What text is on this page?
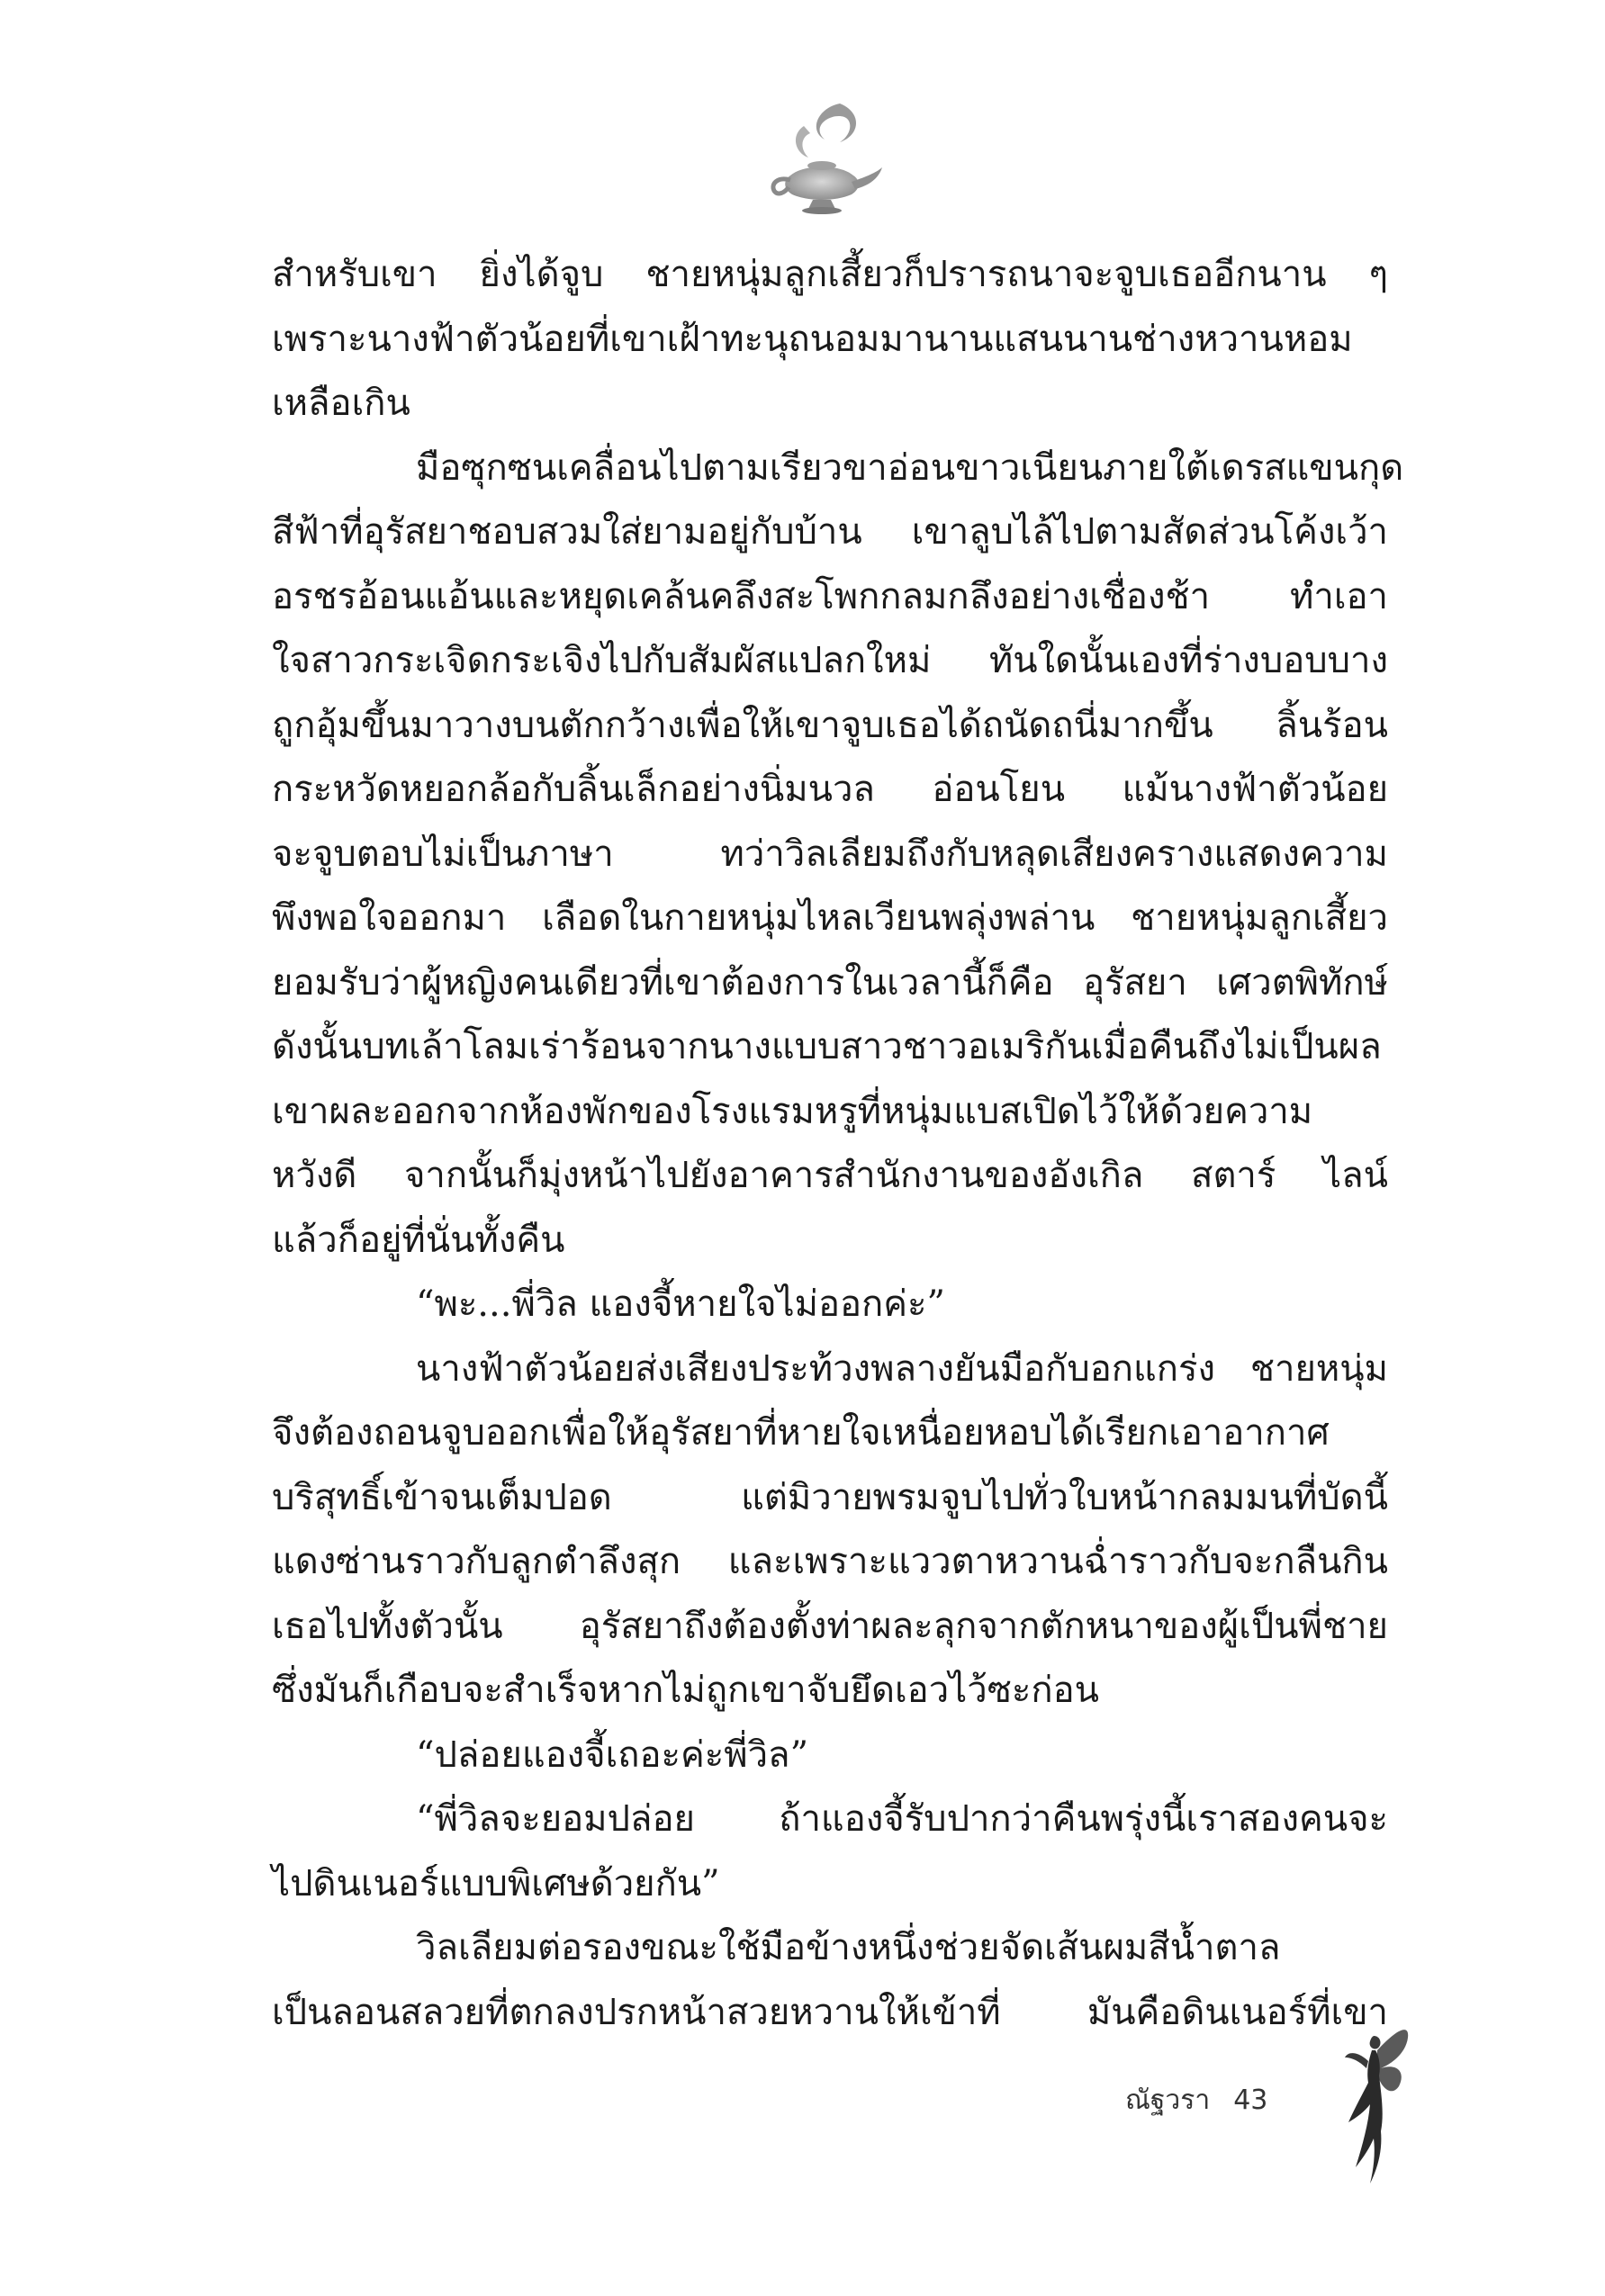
สำหรับเขา ยิ่งได้จูบ ชายหนุ่มลูกเสี้ยวก็ปรารถนาจะจูบเธออีกนาน ๆ
เพราะนางฟ้าตัวน้อยที่เขาเฝ้าทะนุถนอมมานานแสนนานช่างหวานหอม
เหลือเกิน
มือซุกซนเคลื่อนไปตามเรียวขาอ่อนขาวเนียนภายใต้เดรสแขนกุด
สีฟ้าที่อุรัสยาชอบสวมใส่ยามอยู่กับบ้าน เขาลูบไล้ไปตามสัดส่วนโค้งเว้า
อรชรอ้อนแอ้นและหยุดเคล้นคลึงสะโพกกลมกลึงอย่างเชื่องช้า ทำเอา
ใจสาวกระเจิดกระเจิงไปกับสัมผัสแปลกใหม่ ทันใดนั้นเองที่ร่างบอบบาง
ถูกอุ้มขึ้นมาวางบนตักกว้างเพื่อให้เขาจูบเธอได้ถนัดถนี่มากขึ้น ลิ้นร้อน
กระหวัดหยอกล้อกับลิ้นเล็กอย่างนิ่มนวล อ่อนโยน แม้นางฟ้าตัวน้อย
จะจูบตอบไม่เป็นภาษา ทว่าวิลเลียมถึงกับหลุดเสียงครางแสดงความ
พึงพอใจออกมา เลือดในกายหนุ่มไหลเวียนพลุ่งพล่าน ชายหนุ่มลูกเสี้ยว
ยอมรับว่าผู้หญิงคนเดียวที่เขาต้องการในเวลานี้ก็คือ อุรัสยา เศวตพิทักษ์
ดังนั้นบทเล้าโลมเร่าร้อนจากนางแบบสาวชาวอเมริกันเมื่อคืนถึงไม่เป็นผล
เขาผละออกจากห้องพักของโรงแรมหรูที่หนุ่มแบสเปิดไว้ให้ด้วยความ
หวังดี จากนั้นก็มุ่งหน้าไปยังอาคารสำนักงานของอังเกิล สตาร์ ไลน์
แล้วก็อยู่ที่นั่นทั้งคืน
“พะ...พี่วิล แองจี้หายใจไม่ออกค่ะ”
นางฟ้าตัวน้อยส่งเสียงประท้วงพลางยันมือกับอกแกร่ง ชายหนุ่ม
จึงต้องถอนจูบออกเพื่อให้อุรัสยาที่หายใจเหนื่อยหอบได้เรียกเอาอากาศ
บริสุทธิ์เข้าจนเต็มปอด แต่มิวายพรมจูบไปทั่วใบหน้ากลมมนที่บัดนี้
แดงซ่านราวกับลูกตำลึงสุก และเพราะแววตาหวานฉ่ำราวกับจะกลืนกิน
เธอไปทั้งตัวนั้น อุรัสยาถึงต้องตั้งท่าผละลุกจากตักหนาของผู้เป็นพี่ชาย
ซึ่งมันก็เกือบจะสำเร็จหากไม่ถูกเขาจับยึดเอวไว้ซะก่อน
“ปล่อยแองจี้เถอะค่ะพี่วิล”
“พี่วิลจะยอมปล่อย ถ้าแองจี้รับปากว่าคืนพรุ่งนี้เราสองคนจะ
ไปดินเนอร์แบบพิเศษด้วยกัน”
วิลเลียมต่อรองขณะใช้มือข้างหนึ่งช่วยจัดเส้นผมสีน้ำตาล
เป็นลอนสลวยที่ตกลงปรกหน้าสวยหวานให้เข้าที่ มันคือดินเนอร์ที่เขา
ณัฐวรา 43
